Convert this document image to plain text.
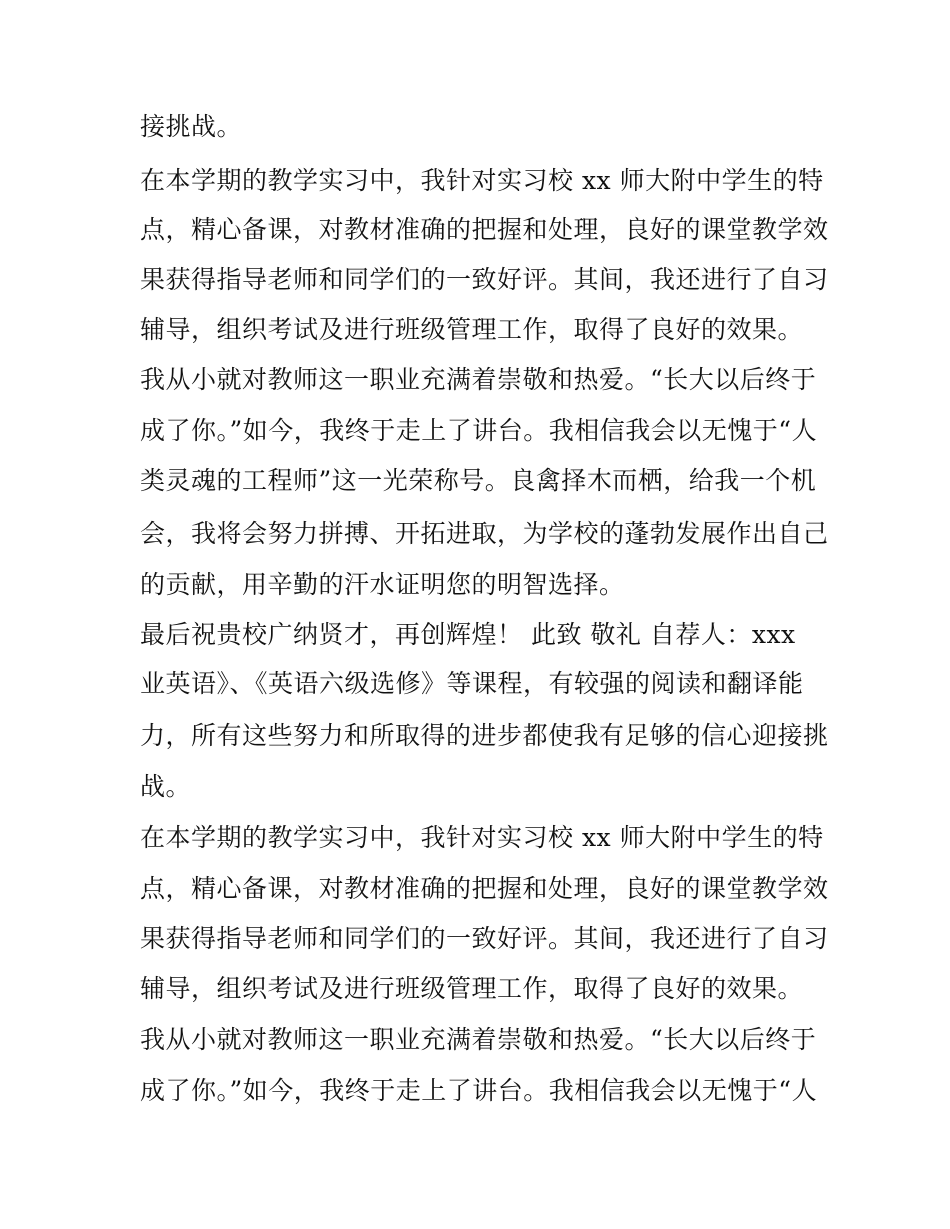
接挑战。
在本学期的教学实习中，我针对实习校 xx 师大附中学生的特
点，精心备课，对教材准确的把握和处理，良好的课堂教学效
果获得指导老师和同学们的一致好评。其间，我还进行了自习
辅导，组织考试及进行班级管理工作，取得了良好的效果。
我从小就对教师这一职业充满着崇敬和热爱。“长大以后终于
成了你。”如今，我终于走上了讲台。我相信我会以无愧于“人
类灵魂的工程师”这一光荣称号。良禽择木而栖，给我一个机
会，我将会努力拼搏、开拓进取，为学校的蓬勃发展作出自己
的贡献，用辛勤的汗水证明您的明智选择。
最后祝贵校广纳贤才，再创辉煌！ 此致 敬礼 自荐人：xxx
业英语》、《英语六级选修》等课程，有较强的阅读和翻译能
力，所有这些努力和所取得的进步都使我有足够的信心迎接挑
战。
在本学期的教学实习中，我针对实习校 xx 师大附中学生的特
点，精心备课，对教材准确的把握和处理，良好的课堂教学效
果获得指导老师和同学们的一致好评。其间，我还进行了自习
辅导，组织考试及进行班级管理工作，取得了良好的效果。
我从小就对教师这一职业充满着崇敬和热爱。“长大以后终于
成了你。”如今，我终于走上了讲台。我相信我会以无愧于“人
